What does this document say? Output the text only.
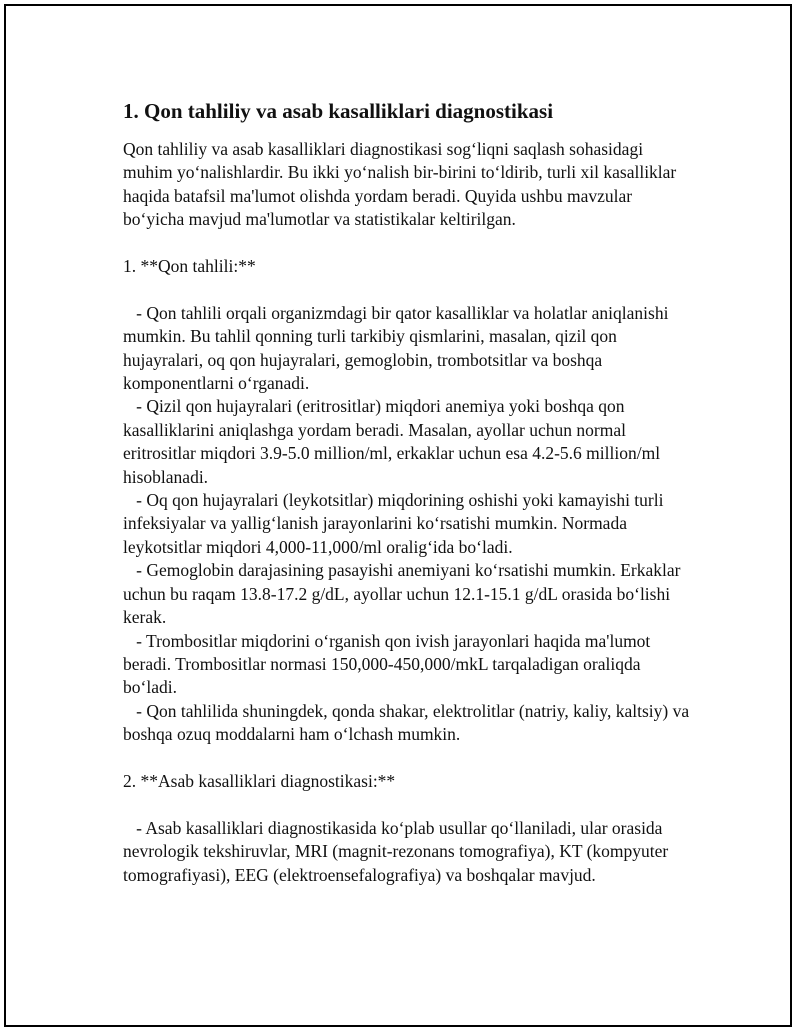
1. Qon tahliliy va asab kasalliklari diagnostikasi

Qon tahliliy va asab kasalliklari diagnostikasi sog‘liqni saqlash sohasidagi muhim yo‘nalishlardir. Bu ikki yo‘nalish bir-birini to‘ldirib, turli xil kasalliklar haqida batafsil ma'lumot olishda yordam beradi. Quyida ushbu mavzular bo‘yicha mavjud ma'lumotlar va statistikalar keltirilgan.

1. **Qon tahlili:**

- Qon tahlili orqali organizmdagi bir qator kasalliklar va holatlar aniqlanishi mumkin. Bu tahlil qonning turli tarkibiy qismlarini, masalan, qizil qon hujayralari, oq qon hujayralari, gemoglobin, trombotsitlar va boshqa komponentlarni o‘rganadi.

- Qizil qon hujayralari (eritrositlar) miqdori anemiya yoki boshqa qon kasalliklarini aniqlashga yordam beradi. Masalan, ayollar uchun normal eritrositlar miqdori 3.9-5.0 million/ml, erkaklar uchun esa 4.2-5.6 million/ml hisoblanadi.

- Oq qon hujayralari (leykotsitlar) miqdorining oshishi yoki kamayishi turli infeksiyalar va yallig‘lanish jarayonlarini ko‘rsatishi mumkin. Normada leykotsitlar miqdori 4,000-11,000/ml oralig‘ida bo‘ladi.

- Gemoglobin darajasining pasayishi anemiyani ko‘rsatishi mumkin. Erkaklar uchun bu raqam 13.8-17.2 g/dL, ayollar uchun 12.1-15.1 g/dL orasida bo‘lishi kerak.

- Trombositlar miqdorini o‘rganish qon ivish jarayonlari haqida ma'lumot beradi. Trombositlar normasi 150,000-450,000/mkL tarqaladigan oraliqda bo‘ladi.

- Qon tahlilida shuningdek, qonda shakar, elektrolitlar (natriy, kaliy, kaltsiy) va boshqa ozuq moddalarni ham o‘lchash mumkin.

2. **Asab kasalliklari diagnostikasi:**

- Asab kasalliklari diagnostikasida ko‘plab usullar qo‘llaniladi, ular orasida nevrologik tekshiruvlar, MRI (magnit-rezonans tomografiya), KT (kompyuter tomografiyasi), EEG (elektroensefalografiya) va boshqalar mavjud.
